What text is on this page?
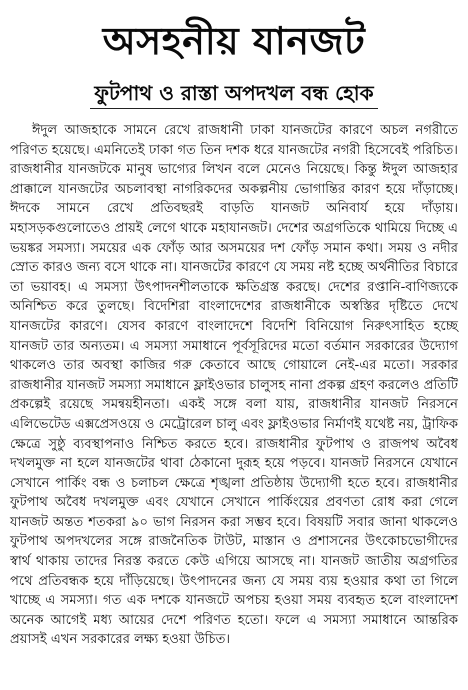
অসহনীয় যানজট
ফুটপাথ ও রাস্তা অপদখল বন্ধ হোক

ঈদুল আজহাকে সামনে রেখে রাজধানী ঢাকা যানজটের কারণে অচল নগরীতে পরিণত হয়েছে। এমনিতেই ঢাকা গত তিন দশক ধরে যানজটের নগরী হিসেবেই পরিচিত। রাজধানীর যানজটকে মানুষ ভাগ্যের লিখন বলে মেনেও নিয়েছে। কিন্তু ঈদুল আজহার প্রাক্কালে যানজটের অচলাবস্থা নাগরিকদের অকল্পনীয় ভোগান্তির কারণ হয়ে দাঁড়াচ্ছে। ঈদকে সামনে রেখে প্রতিবছরই বাড়তি যানজট অনিবার্য হয়ে দাঁড়ায়। মহাসড়কগুলোতেও প্রায়ই লেগে থাকে মহাযানজট। দেশের অগ্রগতিকে থামিয়ে দিচ্ছে এ ভয়ঙ্কর সমস্যা। সময়ের এক ফোঁড় আর অসময়ের দশ ফোঁড় সমান কথা। সময় ও নদীর স্রোত কারও জন্য বসে থাকে না। যানজটের কারণে যে সময় নষ্ট হচ্ছে অর্থনীতির বিচারে তা ভয়াবহ। এ সমস্যা উৎপাদনশীলতাকে ক্ষতিগ্রস্ত করছে। দেশের রপ্তানি-বাণিজ্যকে অনিশ্চিত করে তুলছে। বিদেশিরা বাংলাদেশের রাজধানীকে অস্বস্তির দৃষ্টিতে দেখে যানজটের কারণে। যেসব কারণে বাংলাদেশে বিদেশি বিনিয়োগ নিরুৎসাহিত হচ্ছে যানজট তার অন্যতম। এ সমস্যা সমাধানে পূর্বসূরিদের মতো বর্তমান সরকারের উদ্যোগ থাকলেও তার অবস্থা কাজির গরু কেতাবে আছে গোয়ালে নেই-এর মতো। সরকার রাজধানীর যানজট সমস্যা সমাধানে ফ্লাইওভার চালুসহ নানা প্রকল্প গ্রহণ করলেও প্রতিটি প্রকল্পেই রয়েছে সমন্বয়হীনতা। একই সঙ্গে বলা যায়, রাজধানীর যানজট নিরসনে এলিভেটেড এক্সপ্রেসওয়ে ও মেট্রোরেল চালু এবং ফ্লাইওভার নির্মাণই যথেষ্ট নয়, ট্রাফিক ক্ষেত্রে সুষ্ঠু ব্যবস্থাপনাও নিশ্চিত করতে হবে। রাজধানীর ফুটপাথ ও রাজপথ অবৈধ দখলমুক্ত না হলে যানজটের থাবা ঠেকানো দুরূহ হয়ে পড়বে। যানজট নিরসনে যেখানে সেখানে পার্কিং বন্ধ ও চলাচল ক্ষেত্রে শৃঙ্খলা প্রতিষ্ঠায় উদ্যোগী হতে হবে। রাজধানীর ফুটপাথ অবৈধ দখলমুক্ত এবং যেখানে সেখানে পার্কিংয়ের প্রবণতা রোধ করা গেলে যানজট অন্তত শতকরা ৯০ ভাগ নিরসন করা সম্ভব হবে। বিষয়টি সবার জানা থাকলেও ফুটপাথ অপদখলের সঙ্গে রাজনৈতিক টাউট, মাস্তান ও প্রশাসনের উৎকোচভোগীদের স্বার্থ থাকায় তাদের নিরস্ত করতে কেউ এগিয়ে আসছে না। যানজট জাতীয় অগ্রগতির পথে প্রতিবন্ধক হয়ে দাঁড়িয়েছে। উৎপাদনের জন্য যে সময় ব্যয় হওয়ার কথা তা গিলে খাচ্ছে এ সমস্যা। গত এক দশকে যানজটে অপচয় হওয়া সময় ব্যবহৃত হলে বাংলাদেশ অনেক আগেই মধ্য আয়ের দেশে পরিণত হতো। ফলে এ সমস্যা সমাধানে আন্তরিক প্রয়াসই এখন সরকারের লক্ষ্য হওয়া উচিত।
